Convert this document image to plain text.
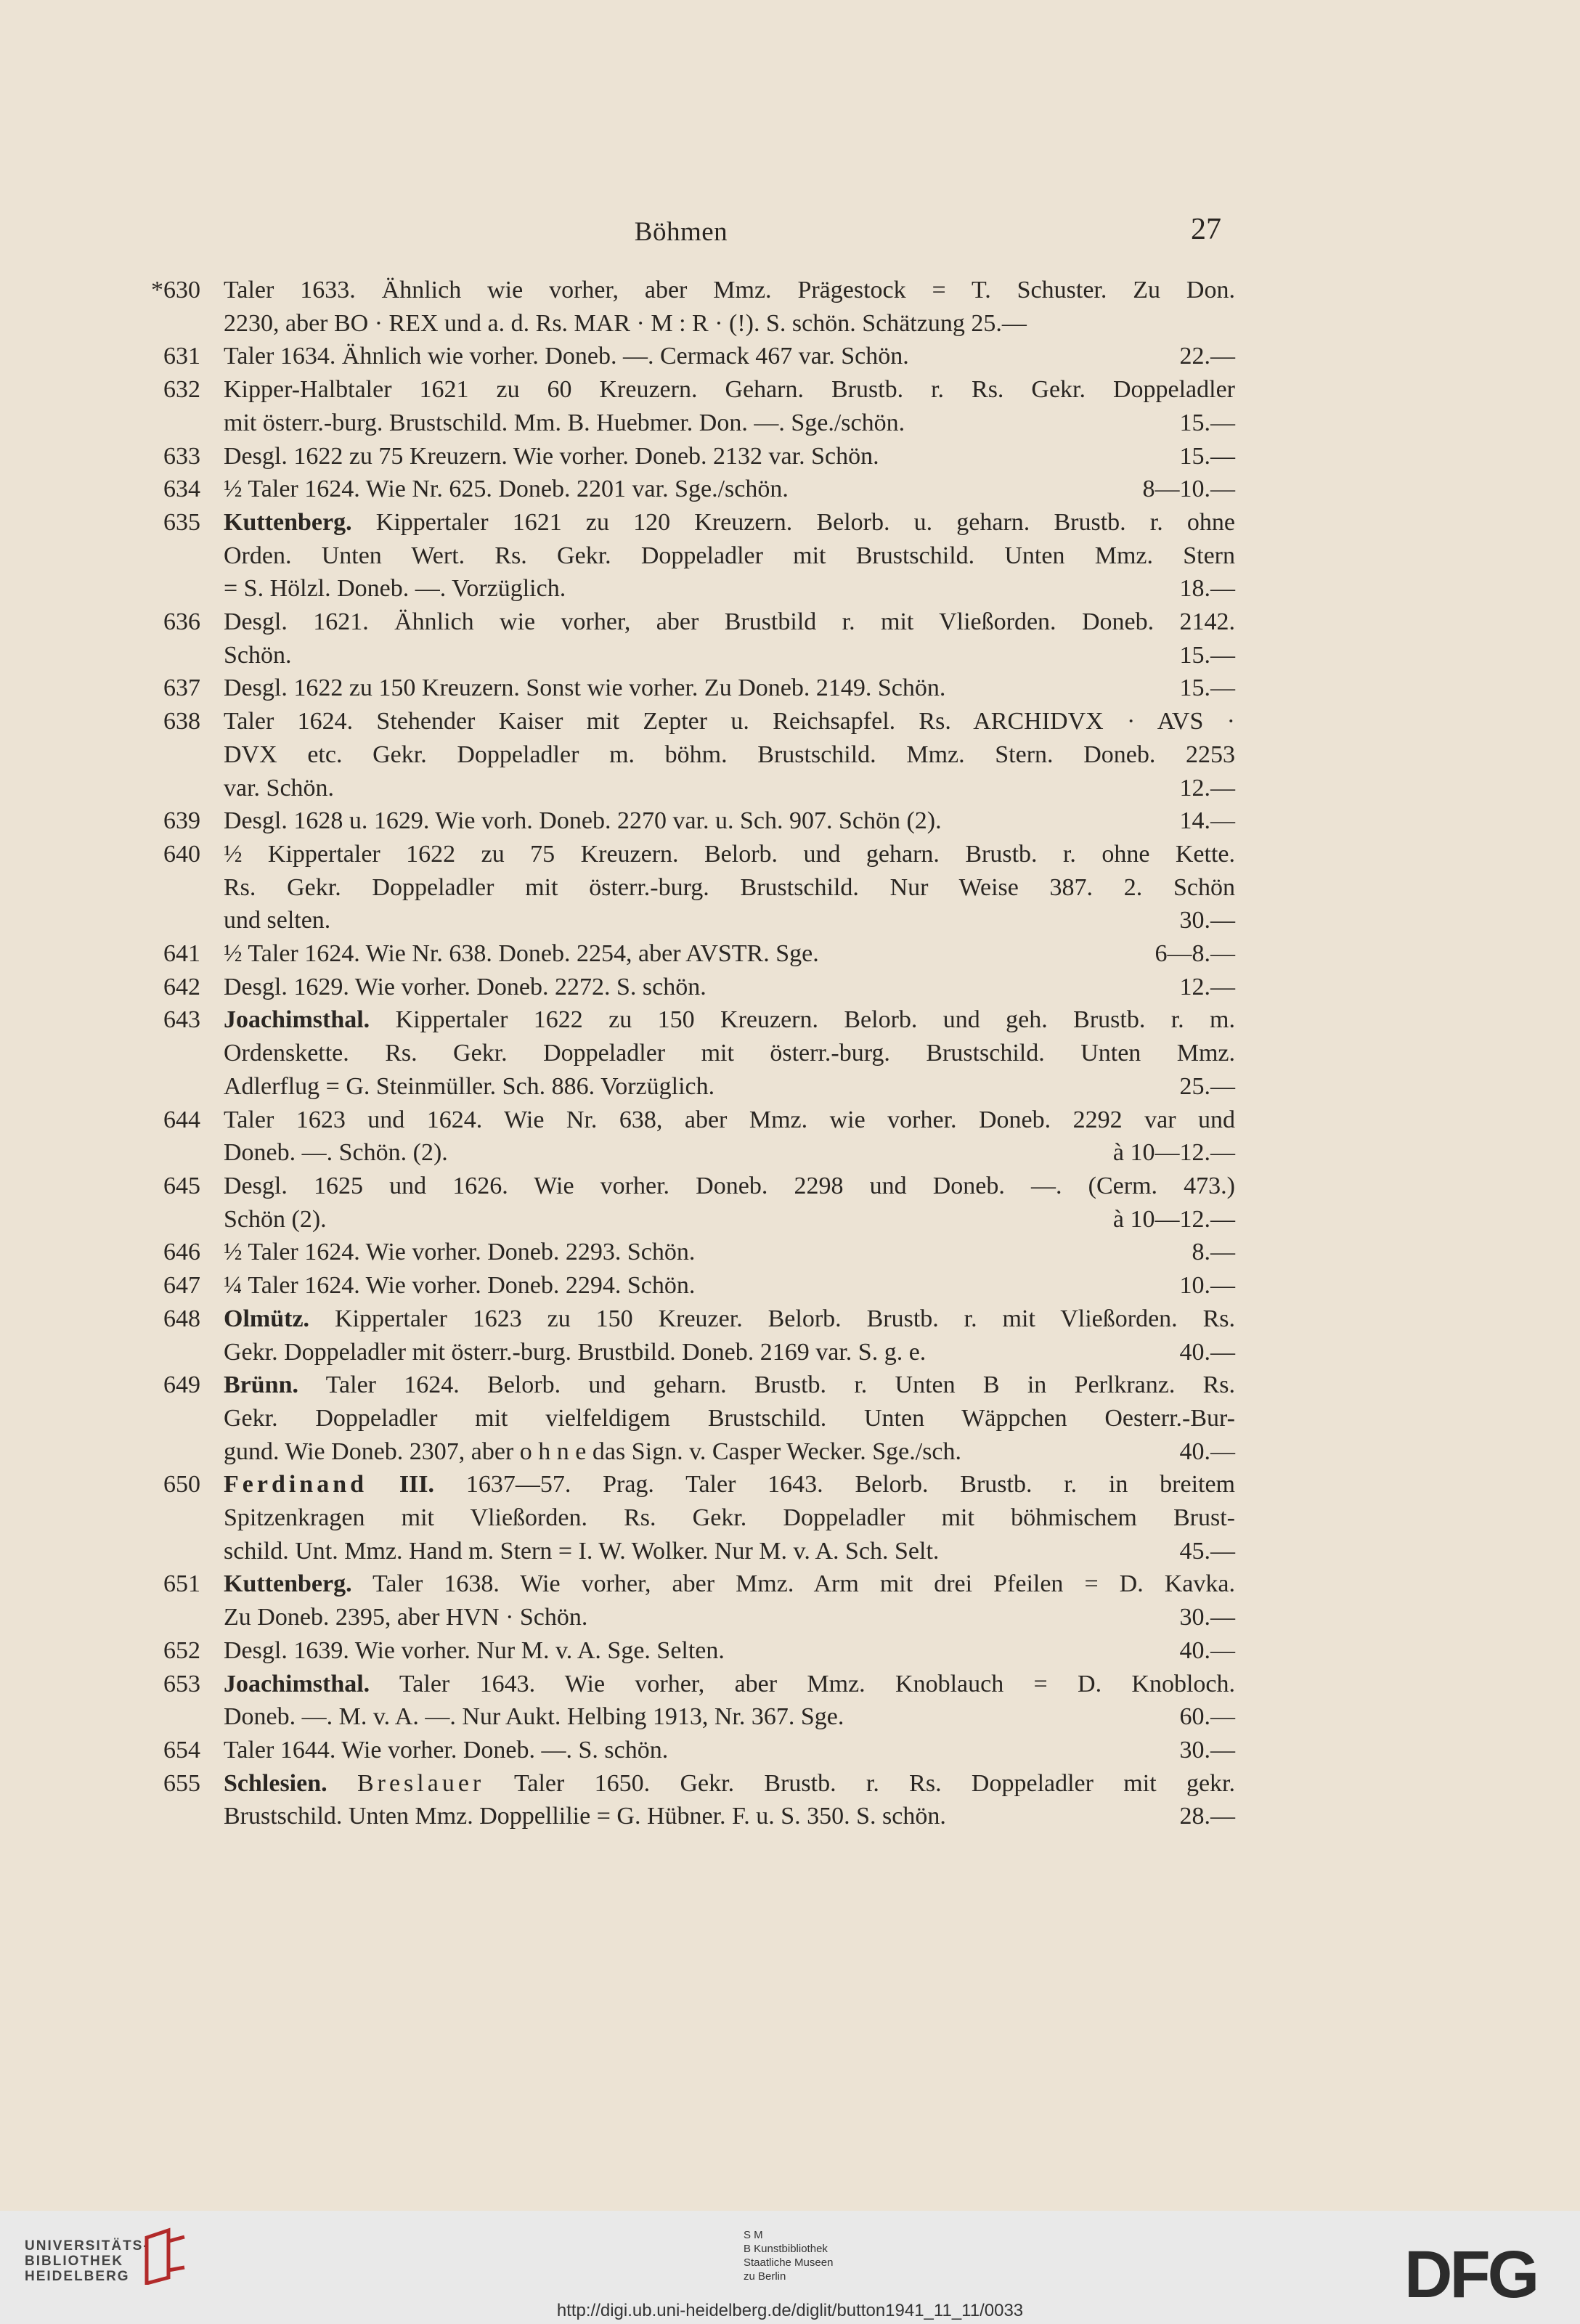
Böhmen	27
*630 Taler 1633. Ähnlich wie vorher, aber Mmz. Prägestock = T. Schuster. Zu Don.
2230, aber BO · REX und a. d. Rs. MAR · M : R · (!). S. schön. Schätzung 25.—
631 Taler 1634. Ähnlich wie vorher. Doneb. —. Cermack 467 var. Schön.	22.—
632 Kipper-Halbtaler 1621 zu 60 Kreuzern. Geharn. Brustb. r. Rs. Gekr. Doppeladler
mit österr.-burg. Brustschild. Mm. B. Huebmer. Don. —. Sge./schön.	15.—
633 Desgl. 1622 zu 75 Kreuzern. Wie vorher. Doneb. 2132 var. Schön.	15.—
634 ½ Taler 1624. Wie Nr. 625. Doneb. 2201 var. Sge./schön.	8—10.—
635 Kuttenberg. Kippertaler 1621 zu 120 Kreuzern. Belorb. u. geharn. Brustb. r. ohne
Orden. Unten Wert. Rs. Gekr. Doppeladler mit Brustschild. Unten Mmz. Stern
= S. Hölzl. Doneb. —. Vorzüglich.	18.—
636 Desgl. 1621. Ähnlich wie vorher, aber Brustbild r. mit Vließorden. Doneb. 2142.
Schön.	15.—
637 Desgl. 1622 zu 150 Kreuzern. Sonst wie vorher. Zu Doneb. 2149. Schön.	15.—
638 Taler 1624. Stehender Kaiser mit Zepter u. Reichsapfel. Rs. ARCHIDVX · AVS ·
DVX etc. Gekr. Doppeladler m. böhm. Brustschild. Mmz. Stern. Doneb. 2253
var. Schön.	12.—
639 Desgl. 1628 u. 1629. Wie vorh. Doneb. 2270 var. u. Sch. 907. Schön (2).	14.—
640 ½ Kippertaler 1622 zu 75 Kreuzern. Belorb. und geharn. Brustb. r. ohne Kette.
Rs. Gekr. Doppeladler mit österr.-burg. Brustschild. Nur Weise 387. 2. Schön
und selten.	30.—
641 ½ Taler 1624. Wie Nr. 638. Doneb. 2254, aber AVSTR. Sge.	6—8.—
642 Desgl. 1629. Wie vorher. Doneb. 2272. S. schön.	12.—
643 Joachimsthal. Kippertaler 1622 zu 150 Kreuzern. Belorb. und geh. Brustb. r. m.
Ordenskette. Rs. Gekr. Doppeladler mit österr.-burg. Brustschild. Unten Mmz.
Adlerflug = G. Steinmüller. Sch. 886. Vorzüglich.	25.—
644 Taler 1623 und 1624. Wie Nr. 638, aber Mmz. wie vorher. Doneb. 2292 var und
Doneb. —. Schön. (2).	à 10—12.—
645 Desgl. 1625 und 1626. Wie vorher. Doneb. 2298 und Doneb. —. (Cerm. 473.)
Schön (2).	à 10—12.—
646 ½ Taler 1624. Wie vorher. Doneb. 2293. Schön.	8.—
647 ¼ Taler 1624. Wie vorher. Doneb. 2294. Schön.	10.—
648 Olmütz. Kippertaler 1623 zu 150 Kreuzer. Belorb. Brustb. r. mit Vließorden. Rs.
Gekr. Doppeladler mit österr.-burg. Brustbild. Doneb. 2169 var. S. g. e.	40.—
649 Brünn. Taler 1624. Belorb. und geharn. Brustb. r. Unten B in Perlkranz. Rs.
Gekr. Doppeladler mit vielfeldigem Brustschild. Unten Wäppchen Oesterr.-Bur-
gund. Wie Doneb. 2307, aber o h n e das Sign. v. Casper Wecker. Sge./sch.	40.—
650 Ferdinand III. 1637—57. Prag. Taler 1643. Belorb. Brustb. r. in breitem
Spitzenkragen mit Vließorden. Rs. Gekr. Doppeladler mit böhmischem Brust-
schild. Unt. Mmz. Hand m. Stern = I. W. Wolker. Nur M. v. A. Sch. Selt.	45.—
651 Kuttenberg. Taler 1638. Wie vorher, aber Mmz. Arm mit drei Pfeilen = D. Kavka.
Zu Doneb. 2395, aber HVN · Schön.	30.—
652 Desgl. 1639. Wie vorher. Nur M. v. A. Sge. Selten.	40.—
653 Joachimsthal. Taler 1643. Wie vorher, aber Mmz. Knoblauch = D. Knobloch.
Doneb. —. M. v. A. —. Nur Aukt. Helbing 1913, Nr. 367. Sge.	60.—
654 Taler 1644. Wie vorher. Doneb. —. S. schön.	30.—
655 Schlesien. Breslauer Taler 1650. Gekr. Brustb. r. Rs. Doppeladler mit gekr.
Brustschild. Unten Mmz. Doppellilie = G. Hübner. F. u. S. 350. S. schön.	28.—
UNIVERSITÄTS-
BIBLIOTHEK
HEIDELBERG
S M
B Kunstbibliothek
Staatliche Museen
zu Berlin	DFG
http://digi.ub.uni-heidelberg.de/diglit/button1941_11_11/0033
